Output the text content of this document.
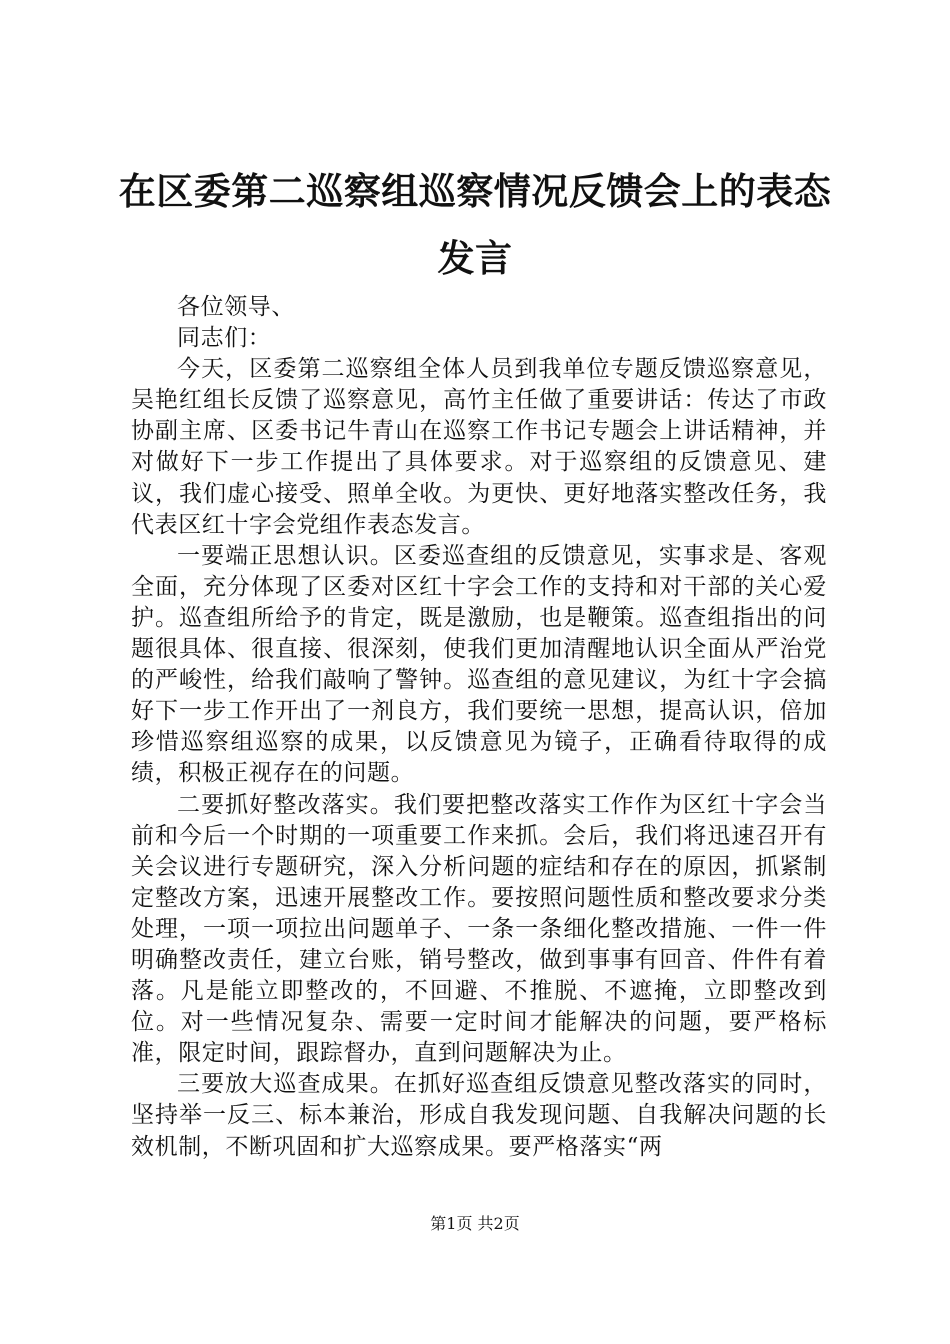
在区委第二巡察组巡察情况反馈会上的表态发言

各位领导、

同志们：

今天，区委第二巡察组全体人员到我单位专题反馈巡察意见，吴艳红组长反馈了巡察意见，高竹主任做了重要讲话：传达了市政协副主席、区委书记牛青山在巡察工作书记专题会上讲话精神，并对做好下一步工作提出了具体要求。对于巡察组的反馈意见、建议，我们虚心接受、照单全收。为更快、更好地落实整改任务，我代表区红十字会党组作表态发言。

一要端正思想认识。区委巡查组的反馈意见，实事求是、客观全面，充分体现了区委对区红十字会工作的支持和对干部的关心爱护。巡查组所给予的肯定，既是激励，也是鞭策。巡查组指出的问题很具体、很直接、很深刻，使我们更加清醒地认识全面从严治党的严峻性，给我们敲响了警钟。巡查组的意见建议，为红十字会搞好下一步工作开出了一剂良方，我们要统一思想，提高认识，倍加珍惜巡察组巡察的成果，以反馈意见为镜子，正确看待取得的成绩，积极正视存在的问题。

二要抓好整改落实。我们要把整改落实工作作为区红十字会当前和今后一个时期的一项重要工作来抓。会后，我们将迅速召开有关会议进行专题研究，深入分析问题的症结和存在的原因，抓紧制定整改方案，迅速开展整改工作。要按照问题性质和整改要求分类处理，一项一项拉出问题单子、一条一条细化整改措施、一件一件明确整改责任，建立台账，销号整改，做到事事有回音、件件有着落。凡是能立即整改的，不回避、不推脱、不遮掩，立即整改到位。对一些情况复杂、需要一定时间才能解决的问题，要严格标准，限定时间，跟踪督办，直到问题解决为止。

三要放大巡查成果。在抓好巡查组反馈意见整改落实的同时，坚持举一反三、标本兼治，形成自我发现问题、自我解决问题的长效机制，不断巩固和扩大巡察成果。要严格落实“两

第1页 共2页
